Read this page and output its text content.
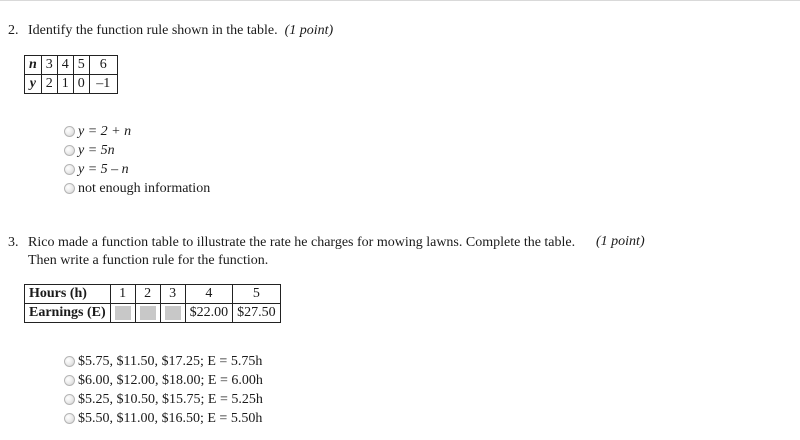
2. Identify the function rule shown in the table. (1 point)
n	3	4	5	6
y	2	1	0	–1
y = 2 + n
y = 5n
y = 5 – n
not enough information
3. Rico made a function table to illustrate the rate he charges for mowing lawns. Complete the table. Then write a function rule for the function.
(1 point)
Hours (h)	1	2	3	4	5
Earnings (E)				$22.00	$27.50
$5.75, $11.50, $17.25; E = 5.75h
$6.00, $12.00, $18.00; E = 6.00h
$5.25, $10.50, $15.75; E = 5.25h
$5.50, $11.00, $16.50; E = 5.50h
